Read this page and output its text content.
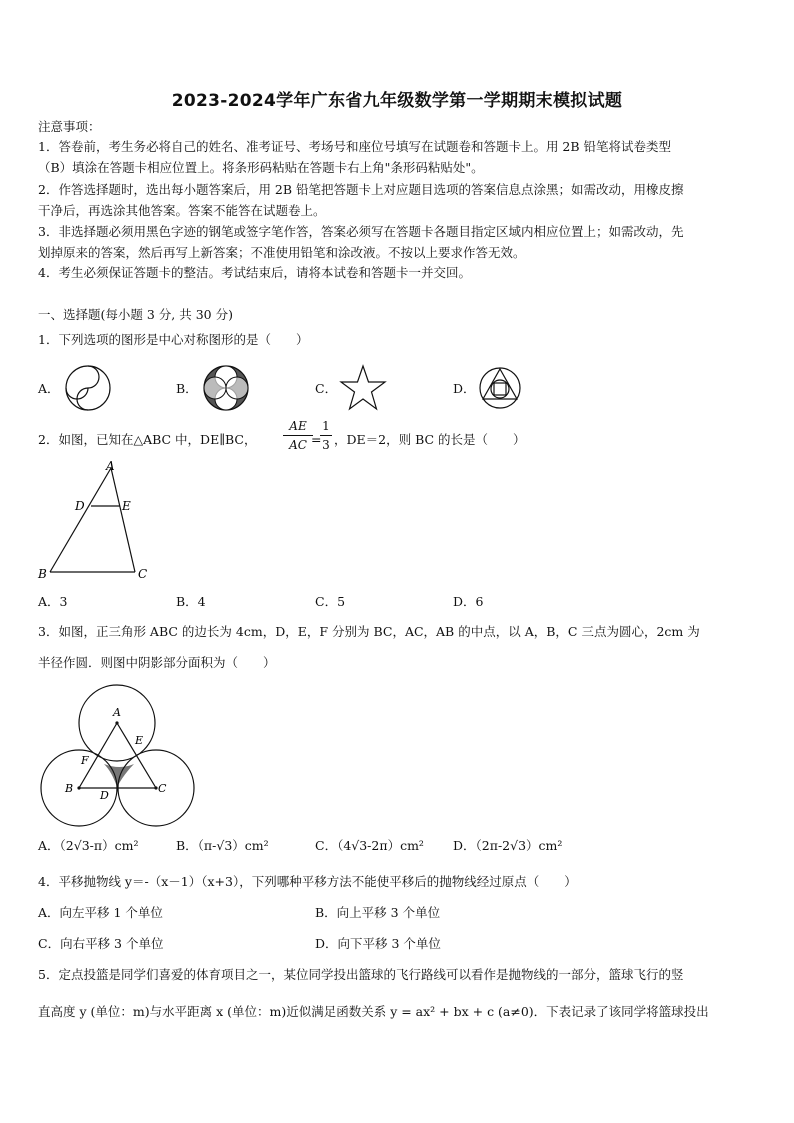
2023-2024学年广东省九年级数学第一学期期末模拟试题
注意事项：
1．答卷前，考生务必将自己的姓名、准考证号、考场号和座位号填写在试题卷和答题卡上。用 2B 铅笔将试卷类型
（B）填涂在答题卡相应位置上。将条形码粘贴在答题卡右上角"条形码粘贴处"。
2．作答选择题时，选出每小题答案后，用 2B 铅笔把答题卡上对应题目选项的答案信息点涂黑；如需改动，用橡皮擦
干净后，再选涂其他答案。答案不能答在试题卷上。
3．非选择题必须用黑色字迹的钢笔或签字笔作答，答案必须写在答题卡各题目指定区域内相应位置上；如需改动，先
划掉原来的答案，然后再写上新答案；不准使用铅笔和涂改液。不按以上要求作答无效。
4．考生必须保证答题卡的整洁。考试结束后，请将本试卷和答题卡一并交回。
一、选择题(每小题 3 分, 共 30 分)
1．下列选项的图形是中心对称图形的是（　　）
A．	B．	C．	D．
2．如图，已知在△ABC 中，DE∥BC， $\frac{AE}{AC}$
=
$\frac{1}{3}$ ，DE＝2，则 BC 的长是（　　）
A
D	E
B	C
A．3	B．4	C．5	D．6
3．如图，正三角形 ABC 的边长为 4cm，D，E，F 分别为 BC，AC，AB 的中点，以 A，B，C 三点为圆心，2cm 为
半径作圆．则图中阴影部分面积为（　　）
A
E
F
B
D
C
A．（2√3-π）cm²	B．（π-√3）cm²	C．（4√3-2π）cm² D．（2π-2√3）cm²
4．平移抛物线 y＝-（x－1）（x+3），下列哪种平移方法不能使平移后的抛物线经过原点（　　）
A．向左平移 1 个单位	B．向上平移 3 个单位
C．向右平移 3 个单位	D．向下平移 3 个单位
5．定点投篮是同学们喜爱的体育项目之一，某位同学投出篮球的飞行路线可以看作是抛物线的一部分，篮球飞行的竖
直高度 y (单位：m)与水平距离 x (单位：m)近似满足函数关系 y = ax² + bx + c (a≠0)．下表记录了该同学将篮球投出
